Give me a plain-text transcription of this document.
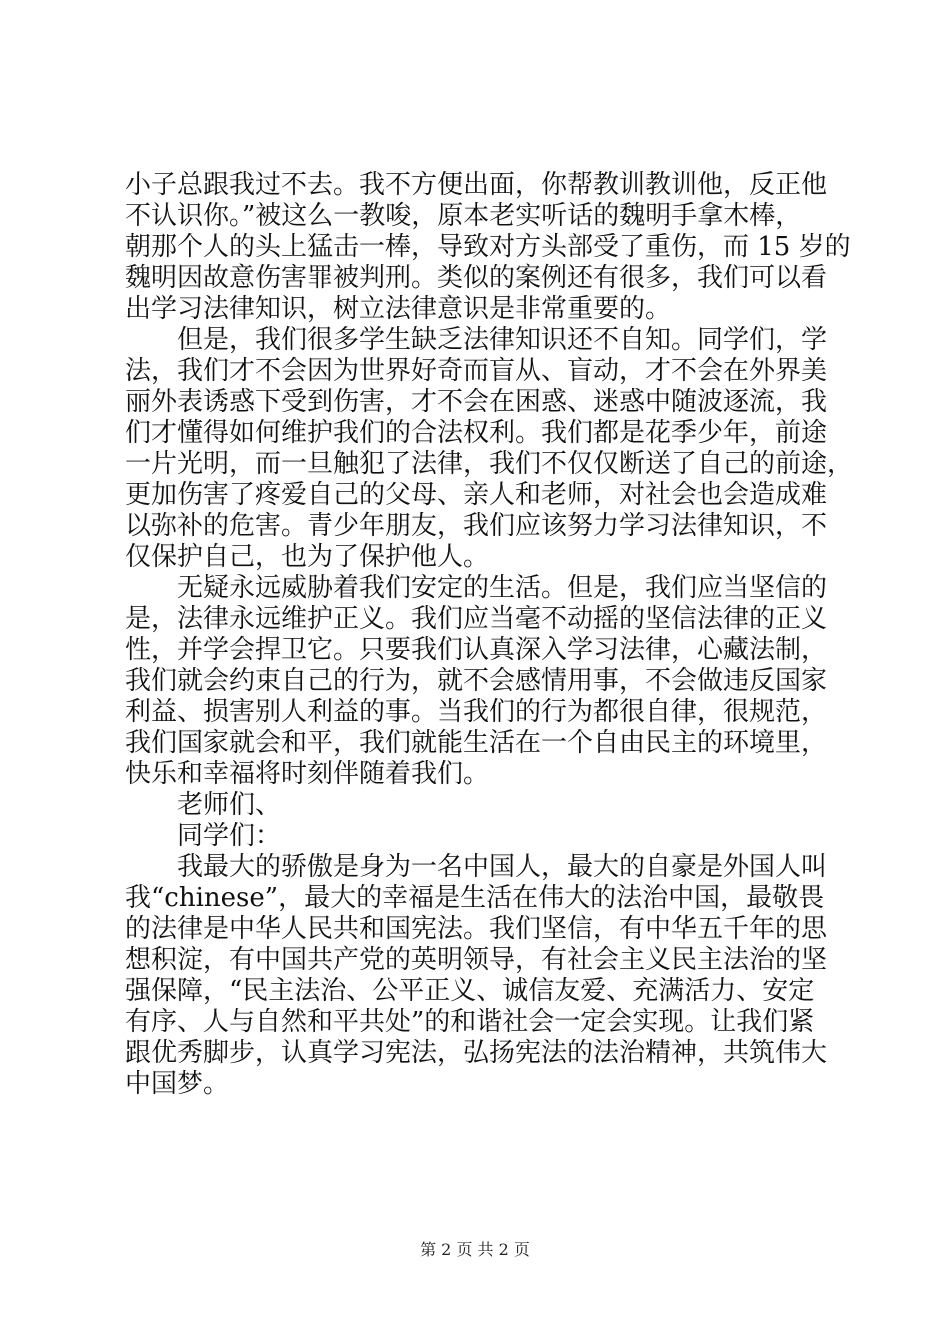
小子总跟我过不去。我不方便出面，你帮教训教训他，反正他
不认识你。”被这么一教唆，原本老实听话的魏明手拿木棒，
朝那个人的头上猛击一棒，导致对方头部受了重伤，而 15 岁的
魏明因故意伤害罪被判刑。类似的案例还有很多，我们可以看
出学习法律知识，树立法律意识是非常重要的。
　　但是，我们很多学生缺乏法律知识还不自知。同学们，学
法，我们才不会因为世界好奇而盲从、盲动，才不会在外界美
丽外表诱惑下受到伤害，才不会在困惑、迷惑中随波逐流，我
们才懂得如何维护我们的合法权利。我们都是花季少年，前途
一片光明，而一旦触犯了法律，我们不仅仅断送了自己的前途，
更加伤害了疼爱自己的父母、亲人和老师，对社会也会造成难
以弥补的危害。青少年朋友，我们应该努力学习法律知识，不
仅保护自己，也为了保护他人。
　　无疑永远威胁着我们安定的生活。但是，我们应当坚信的
是，法律永远维护正义。我们应当毫不动摇的坚信法律的正义
性，并学会捍卫它。只要我们认真深入学习法律，心藏法制，
我们就会约束自己的行为，就不会感情用事，不会做违反国家
利益、损害别人利益的事。当我们的行为都很自律，很规范，
我们国家就会和平，我们就能生活在一个自由民主的环境里，
快乐和幸福将时刻伴随着我们。
　　老师们、
　　同学们：
　　我最大的骄傲是身为一名中国人，最大的自豪是外国人叫
我“chinese”，最大的幸福是生活在伟大的法治中国，最敬畏
的法律是中华人民共和国宪法。我们坚信，有中华五千年的思
想积淀，有中国共产党的英明领导，有社会主义民主法治的坚
强保障，“民主法治、公平正义、诚信友爱、充满活力、安定
有序、人与自然和平共处”的和谐社会一定会实现。让我们紧
跟优秀脚步，认真学习宪法，弘扬宪法的法治精神，共筑伟大
中国梦。
第 2 页 共 2 页
